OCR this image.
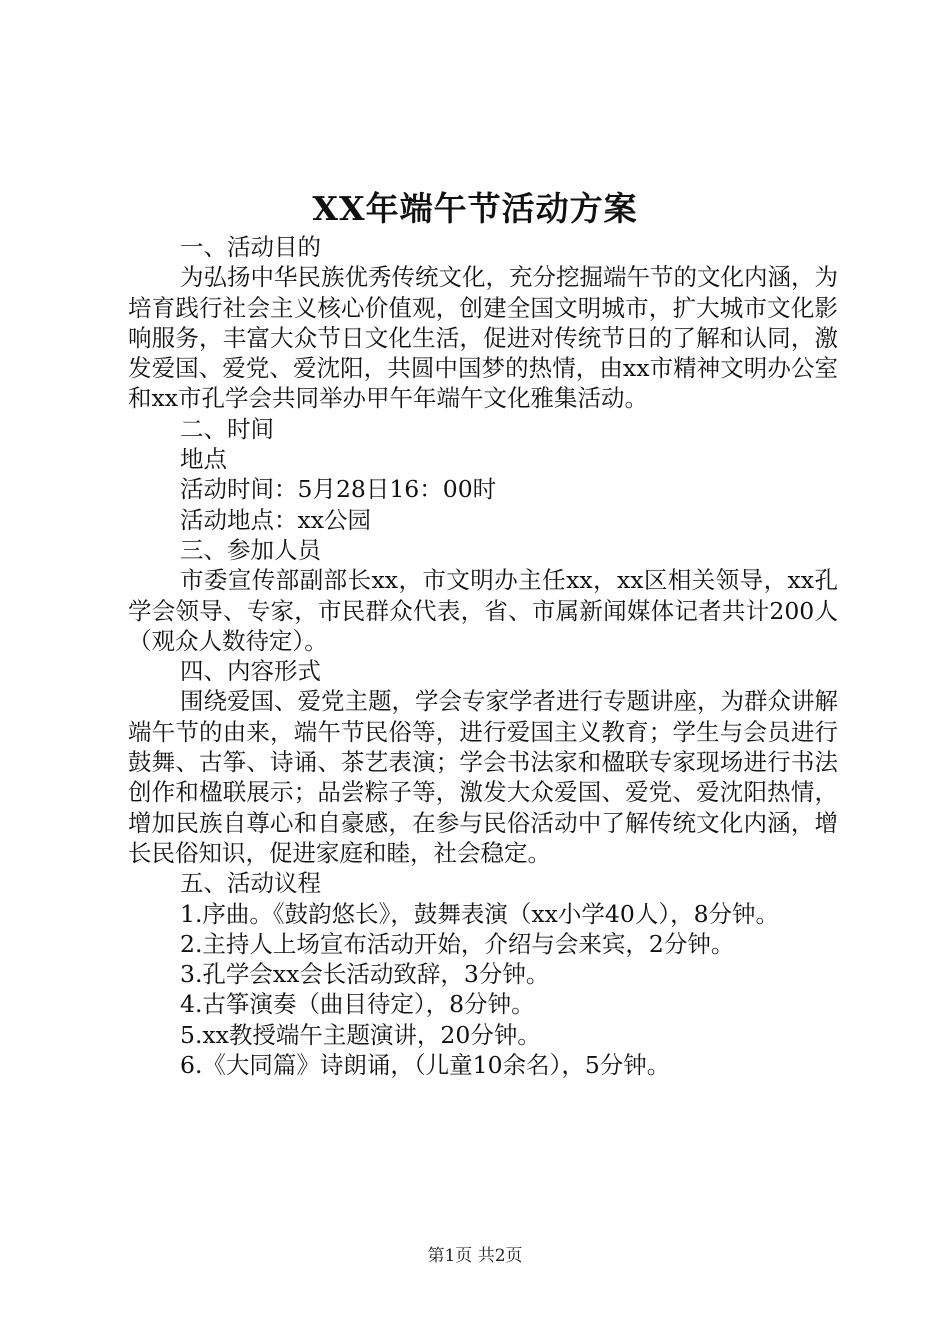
XX年端午节活动方案

一、活动目的

为弘扬中华民族优秀传统文化，充分挖掘端午节的文化内涵，为培育践行社会主义核心价值观，创建全国文明城市，扩大城市文化影响服务，丰富大众节日文化生活，促进对传统节日的了解和认同，激发爱国、爱党、爱沈阳，共圆中国梦的热情，由xx市精神文明办公室和xx市孔学会共同举办甲午年端午文化雅集活动。

二、时间

地点

活动时间：5月28日16：00时

活动地点：xx公园

三、参加人员

市委宣传部副部长xx，市文明办主任xx，xx区相关领导，xx孔学会领导、专家，市民群众代表，省、市属新闻媒体记者共计200人（观众人数待定）。

四、内容形式

围绕爱国、爱党主题，学会专家学者进行专题讲座，为群众讲解端午节的由来，端午节民俗等，进行爱国主义教育；学生与会员进行鼓舞、古筝、诗诵、茶艺表演；学会书法家和楹联专家现场进行书法创作和楹联展示；品尝粽子等，激发大众爱国、爱党、爱沈阳热情，增加民族自尊心和自豪感，在参与民俗活动中了解传统文化内涵，增长民俗知识，促进家庭和睦，社会稳定。

五、活动议程

1.序曲。《鼓韵悠长》，鼓舞表演（xx小学40人），8分钟。

2.主持人上场宣布活动开始，介绍与会来宾，2分钟。

3.孔学会xx会长活动致辞，3分钟。

4.古筝演奏（曲目待定），8分钟。

5.xx教授端午主题演讲，20分钟。

6.《大同篇》诗朗诵，（儿童10余名），5分钟。

第1页 共2页
